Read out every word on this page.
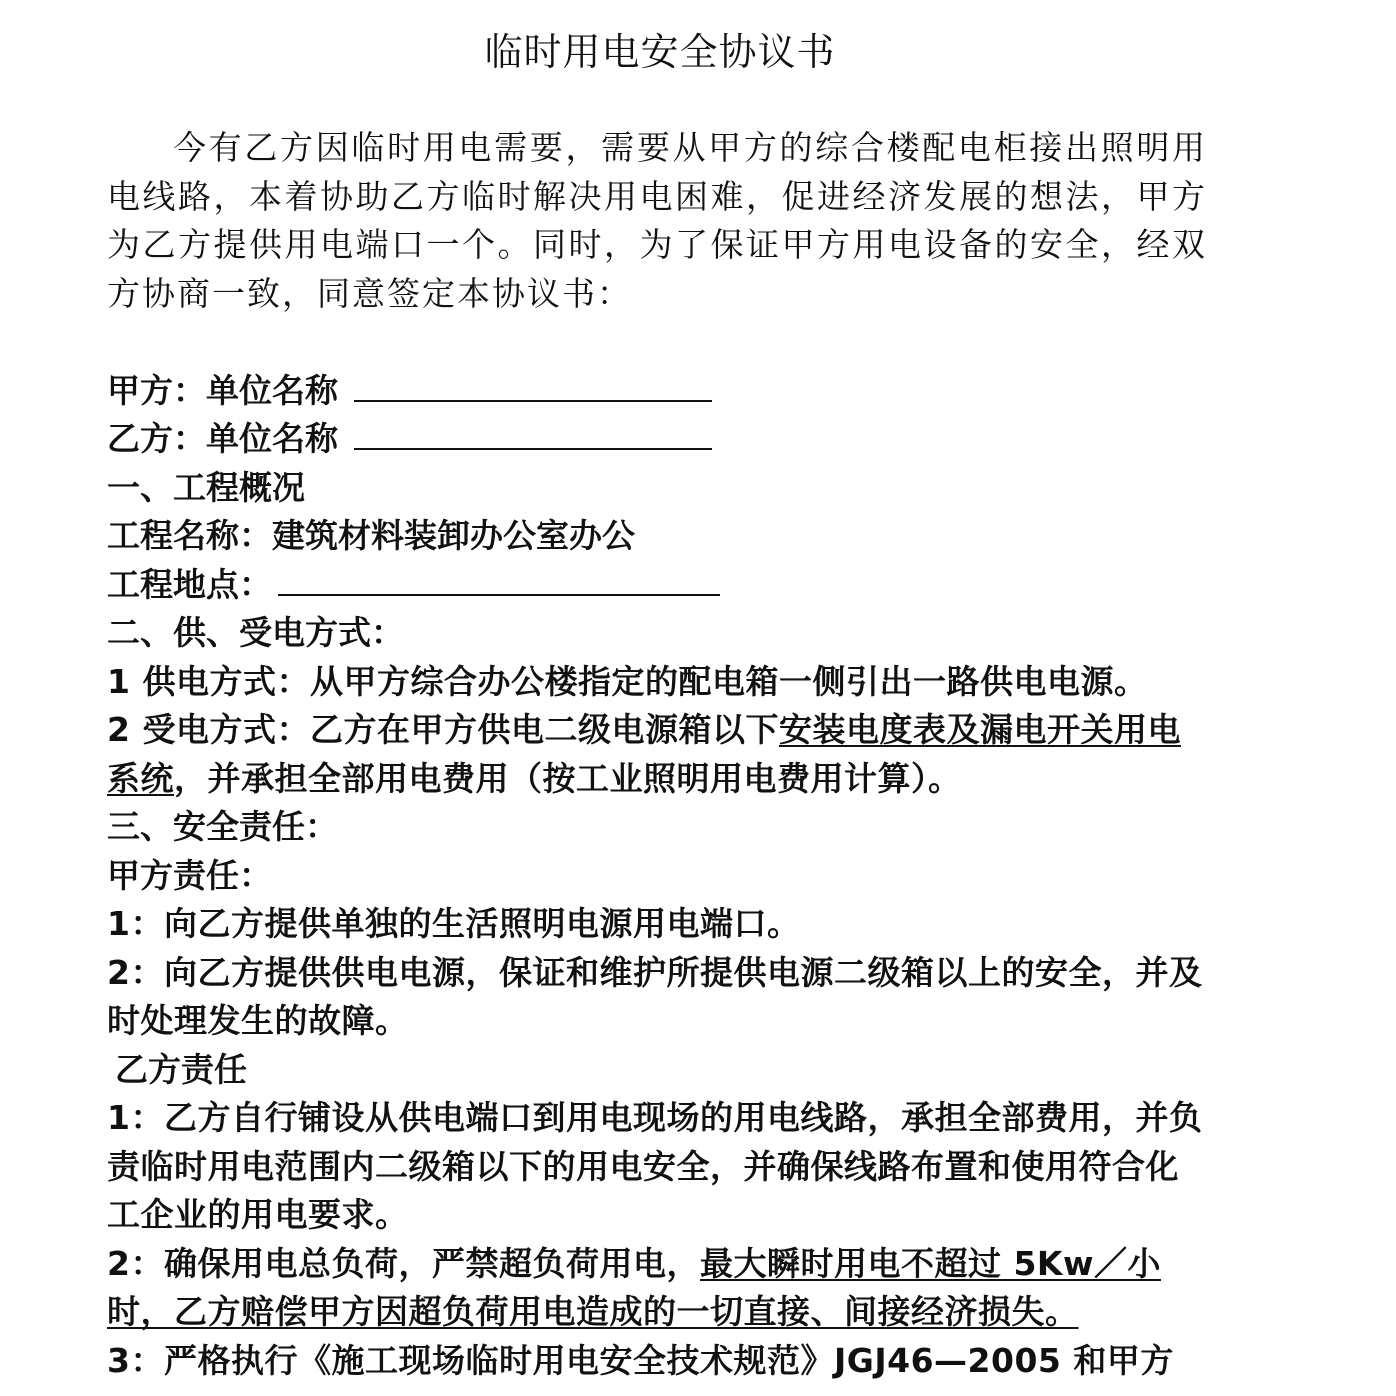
临时用电安全协议书

今有乙方因临时用电需要，需要从甲方的综合楼配电柜接出照明用电线路，本着协助乙方临时解决用电困难，促进经济发展的想法，甲方为乙方提供用电端口一个。同时，为了保证甲方用电设备的安全，经双方协商一致，同意签定本协议书：

甲方：单位名称

乙方：单位名称

一、工程概况

工程名称：建筑材料装卸办公室办公

工程地点：

二、供、受电方式：

1 供电方式：从甲方综合办公楼指定的配电箱一侧引出一路供电电源。

2 受电方式：乙方在甲方供电二级电源箱以下安装电度表及漏电开关用电系统，并承担全部用电费用（按工业照明用电费用计算）。

三、安全责任：

甲方责任：

1：向乙方提供单独的生活照明电源用电端口。

2：向乙方提供供电电源，保证和维护所提供电源二级箱以上的安全，并及时处理发生的故障。

乙方责任

1：乙方自行铺设从供电端口到用电现场的用电线路，承担全部费用，并负责临时用电范围内二级箱以下的用电安全，并确保线路布置和使用符合化工企业的用电要求。

2：确保用电总负荷，严禁超负荷用电，最大瞬时用电不超过 5Kw／小时，乙方赔偿甲方因超负荷用电造成的一切直接、间接经济损失。

3：严格执行《施工现场临时用电安全技术规范》JGJ46—2005 和甲方
